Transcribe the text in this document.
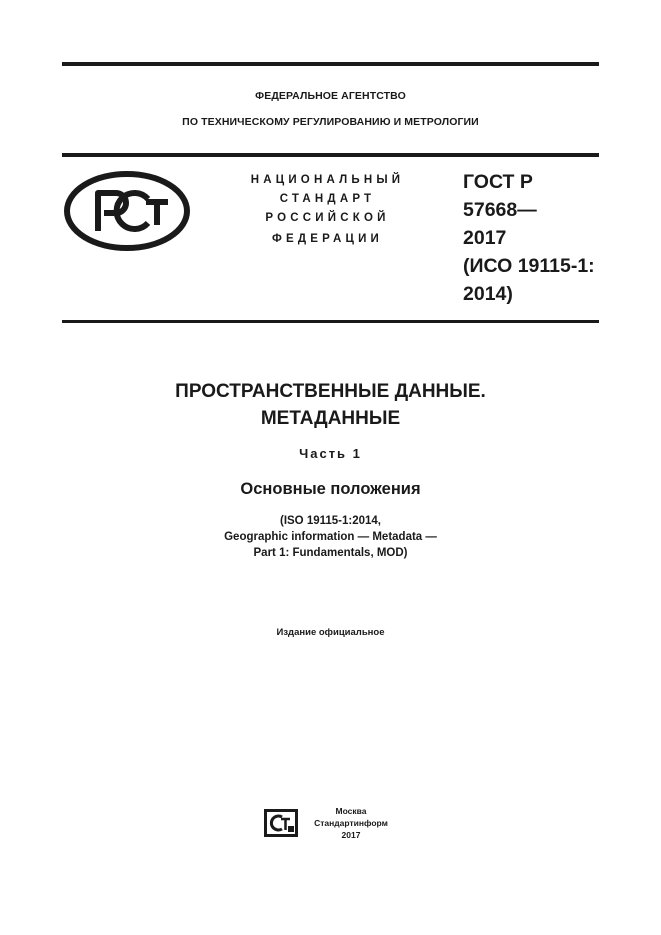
ФЕДЕРАЛЬНОЕ АГЕНТСТВО
ПО ТЕХНИЧЕСКОМУ РЕГУЛИРОВАНИЮ И МЕТРОЛОГИИ
НАЦИОНАЛЬНЫЙ
СТАНДАРТ
РОССИЙСКОЙ
ФЕДЕРАЦИИ
ГОСТ Р
57668—
2017
(ИСО 19115-1:
2014)
ПРОСТРАНСТВЕННЫЕ ДАННЫЕ.
МЕТАДАННЫЕ
Часть 1
Основные положения
(ISO 19115-1:2014,
Geographic information — Metadata —
Part 1: Fundamentals, MOD)
Издание официальное
Москва
Стандартинформ
2017
